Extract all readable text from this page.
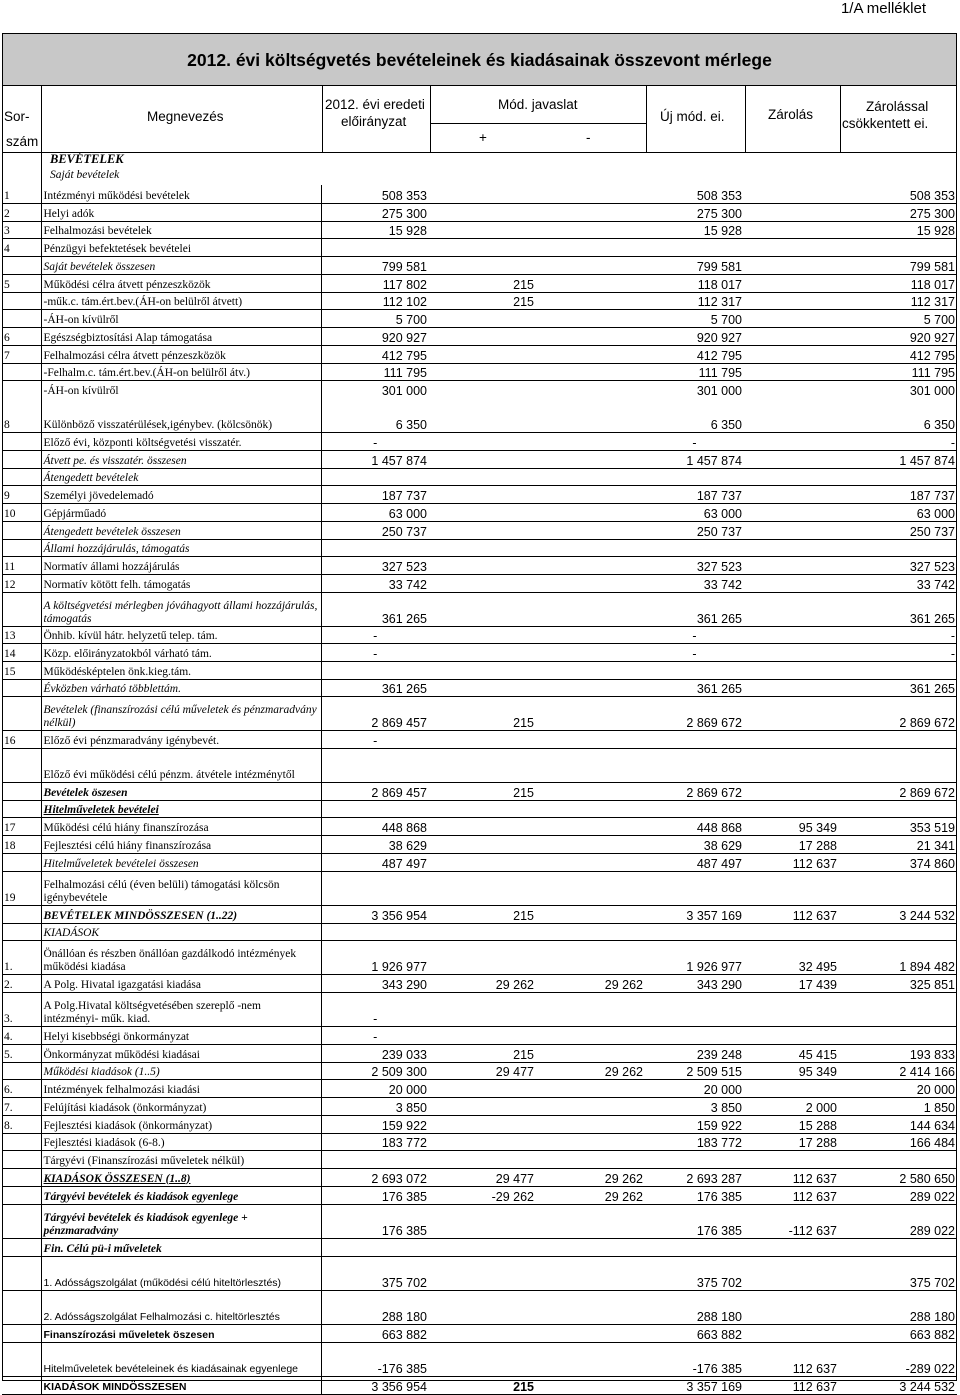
1/A melléklet
2012. évi költségvetés bevételeinek és kiadásainak összevont mérlege
Sor-
szám
Megnevezés
2012. évi eredeti
előirányzat
Mód. javaslat
+	-
Új mód. ei.	Zárolás
Zárolással
csökkentett ei.
BEVÉTELEK
Saját bevételek
1	Intézményi működési bevételek	508 353			508 353		508 353
2	Helyi adók	275 300			275 300		275 300
3	Felhalmozási bevételek	15 928			15 928		15 928
4	Pénzügyi befektetések bevételei						
	Saját bevételek összesen	799 581			799 581		799 581
5	Működési célra átvett pénzeszközök	117 802	215		118 017		118 017
	-műk.c. tám.ért.bev.(ÁH-on belülről átvett)	112 102	215		112 317		112 317
	-ÁH-on kívülről	5 700			5 700		5 700
6	Egészségbiztosítási Alap támogatása	920 927			920 927		920 927
7	Felhalmozási célra átvett pénzeszközök	412 795			412 795		412 795
	-Felhalm.c. tám.ért.bev.(ÁH-on belülről átv.)	111 795			111 795		111 795
	-ÁH-on kívülről	301 000			301 000		301 000
8	Különböző visszatérülések,igénybev. (kölcsönök)	6 350			6 350		6 350
	Előző évi, központi költségvetési visszatér.	-			-		-
	Átvett pe. és visszatér. összesen	1 457 874			1 457 874		1 457 874
	Átengedett bevételek						
9	Személyi jövedelemadó	187 737			187 737		187 737
10	Gépjárműadó	63 000			63 000		63 000
	Átengedett bevételek összesen	250 737			250 737		250 737
	Állami hozzájárulás, támogatás						
11	Normatív állami hozzájárulás	327 523			327 523		327 523
12	Normatív kötött felh. támogatás	33 742			33 742		33 742
	A költségvetési mérlegben jóváhagyott állami hozzájárulás, támogatás	361 265			361 265		361 265
13	Önhib. kívül hátr. helyzetű telep. tám.	-			-		-
14	Közp. előirányzatokból várható tám.	-			-		-
15	Működésképtelen önk.kieg.tám.						
	Évközben várható többlettám.	361 265			361 265		361 265
	Bevételek (finanszírozási célú műveletek és pénzmaradvány nélkül)	2 869 457	215		2 869 672		2 869 672
16	Előző évi pénzmaradvány igénybevét.	-					
	Előző évi működési célú pénzm. átvétele intézménytől						
	Bevételek öszesen	2 869 457	215		2 869 672		2 869 672
	Hitelműveletek bevételei						
17	Működési célú hiány finanszírozása	448 868			448 868	95 349	353 519
18	Fejlesztési célú hiány finanszírozása	38 629			38 629	17 288	21 341
	Hitelműveletek bevételei összesen	487 497			487 497	112 637	374 860
19	Felhalmozási célú (éven belüli) támogatási kölcsön igénybevétele						
	BEVÉTELEK MINDÖSSZESEN (1..22)	3 356 954	215		3 357 169	112 637	3 244 532
	KIADÁSOK						
1.	Önállóan és részben önállóan gazdálkodó intézmények működési kiadása	1 926 977			1 926 977	32 495	1 894 482
2.	A Polg. Hivatal igazgatási kiadása	343 290	29 262	29 262	343 290	17 439	325 851
3.	A Polg.Hivatal költségvetésében szereplő -nem intézményi- műk. kiad.	-					
4.	Helyi kisebbségi önkormányzat	-					
5.	Önkormányzat működési kiadásai	239 033	215		239 248	45 415	193 833
	Működési kiadások (1..5)	2 509 300	29 477	29 262	2 509 515	95 349	2 414 166
6.	Intézmények felhalmozási kiadási	20 000			20 000		20 000
7.	Felújítási kiadások (önkormányzat)	3 850			3 850	2 000	1 850
8.	Fejlesztési kiadások (önkormányzat)	159 922			159 922	15 288	144 634
	Fejlesztési kiadások (6-8.)	183 772			183 772	17 288	166 484
	Tárgyévi (Finanszírozási műveletek nélkül)						
	KIADÁSOK ÖSSZESEN (1..8)	2 693 072	29 477	29 262	2 693 287	112 637	2 580 650
	Tárgyévi bevételek és kiadások egyenlege	176 385	-29 262	29 262	176 385	112 637	289 022
	Tárgyévi bevételek és kiadások egyenlege + pénzmaradvány	176 385			176 385	-112 637	289 022
	Fin. Célú pü-i műveletek						
	1. Adósságszolgálat (működési célú hiteltörlesztés)	375 702			375 702		375 702
	2. Adósságszolgálat Felhalmozási c. hiteltörlesztés	288 180			288 180		288 180
	Finanszírozási műveletek öszesen	663 882			663 882		663 882
	Hitelműveletek bevételeinek és kiadásainak egyenlege	-176 385			-176 385	112 637	-289 022
	KIADÁSOK MINDÖSSZESEN	3 356 954	215		3 357 169	112 637	3 244 532
